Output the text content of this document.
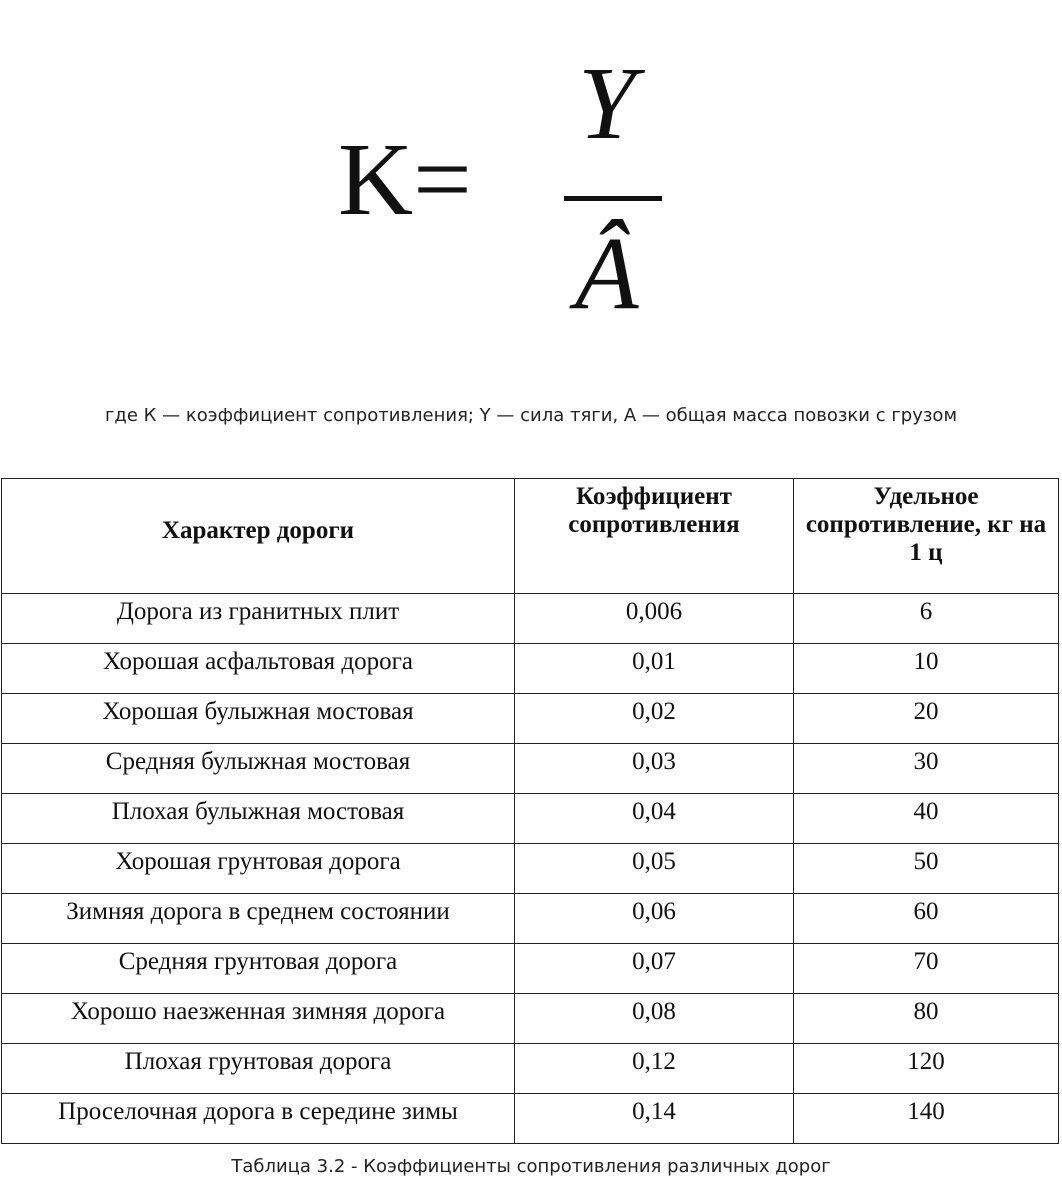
K=
Y
Â
где К — коэффициент сопротивления; Y — сила тяги, А — общая масса повозки с грузом
Характер дороги	Коэффициент сопротивления	Удельное сопротивление, кг на 1 ц
Дорога из гранитных плит	0,006	6
Хорошая асфальтовая дорога	0,01	10
Хорошая булыжная мостовая	0,02	20
Средняя булыжная мостовая	0,03	30
Плохая булыжная мостовая	0,04	40
Хорошая грунтовая дорога	0,05	50
Зимняя дорога в среднем состоянии	0,06	60
Средняя грунтовая дорога	0,07	70
Хорошо наезженная зимняя дорога	0,08	80
Плохая грунтовая дорога	0,12	120
Проселочная дорога в середине зимы	0,14	140
Таблица 3.2 - Коэффициенты сопротивления различных дорог
